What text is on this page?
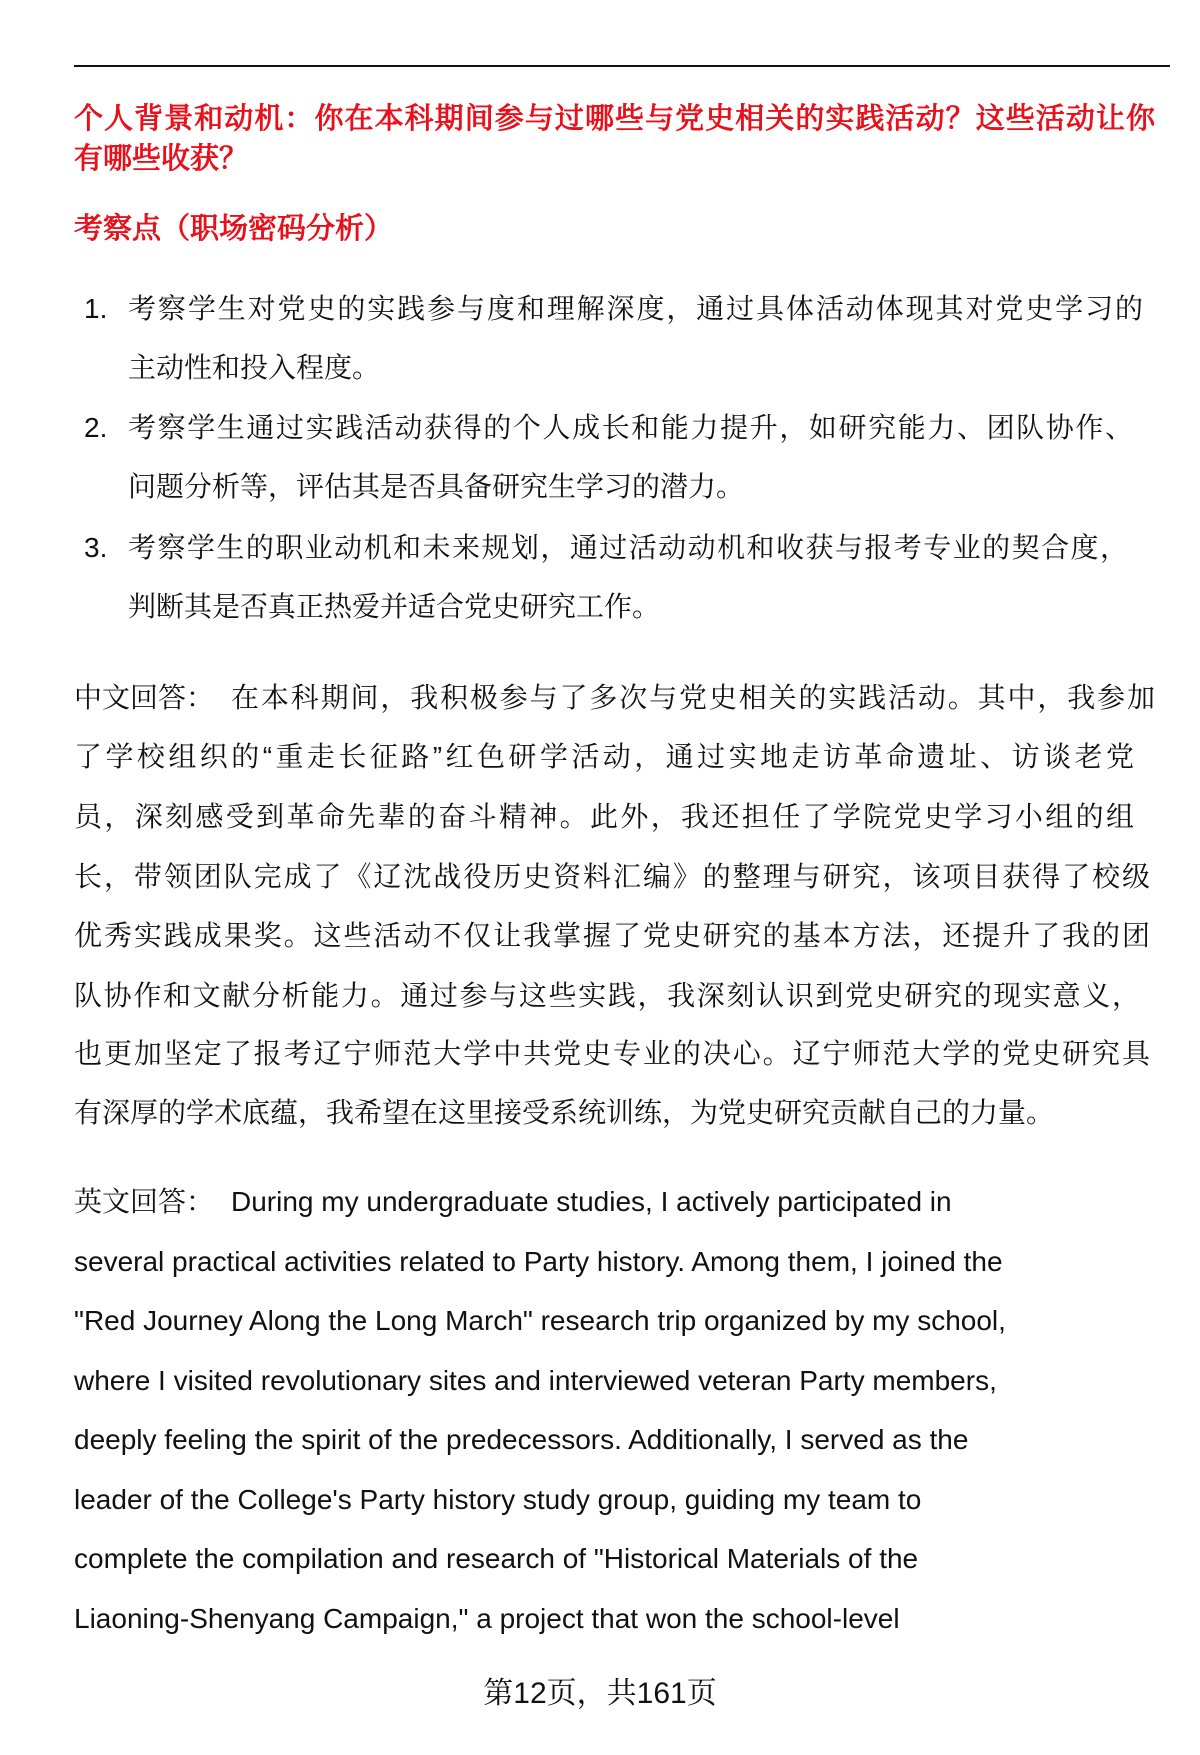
个人背景和动机：你在本科期间参与过哪些与党史相关的实践活动？这些活动让你
有哪些收获？
考察点（职场密码分析）
1. 考察学生对党史的实践参与度和理解深度，通过具体活动体现其对党史学习的
主动性和投入程度。
2. 考察学生通过实践活动获得的个人成长和能力提升，如研究能力、团队协作、
问题分析等，评估其是否具备研究生学习的潜力。
3. 考察学生的职业动机和未来规划，通过活动动机和收获与报考专业的契合度，
判断其是否真正热爱并适合党史研究工作。
中文回答： 在本科期间，我积极参与了多次与党史相关的实践活动。其中，我参加
了学校组织的“重走长征路”红色研学活动，通过实地走访革命遗址、访谈老党
员，深刻感受到革命先辈的奋斗精神。此外，我还担任了学院党史学习小组的组
长，带领团队完成了《辽沈战役历史资料汇编》的整理与研究，该项目获得了校级
优秀实践成果奖。这些活动不仅让我掌握了党史研究的基本方法，还提升了我的团
队协作和文献分析能力。通过参与这些实践，我深刻认识到党史研究的现实意义，
也更加坚定了报考辽宁师范大学中共党史专业的决心。辽宁师范大学的党史研究具
有深厚的学术底蕴，我希望在这里接受系统训练，为党史研究贡献自己的力量。
英文回答： During my undergraduate studies, I actively participated in
several practical activities related to Party history. Among them, I joined the
"Red Journey Along the Long March" research trip organized by my school,
where I visited revolutionary sites and interviewed veteran Party members,
deeply feeling the spirit of the predecessors. Additionally, I served as the
leader of the College's Party history study group, guiding my team to
complete the compilation and research of "Historical Materials of the
Liaoning-Shenyang Campaign," a project that won the school-level
第12页，共161页
